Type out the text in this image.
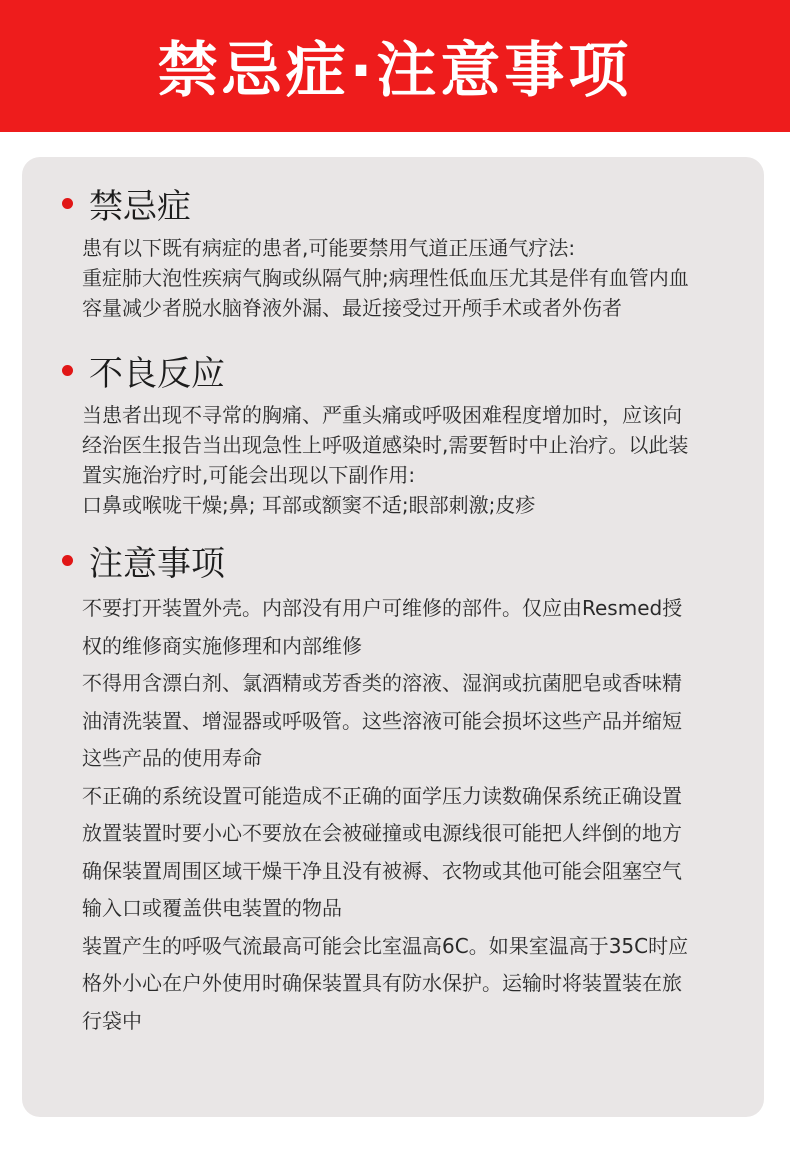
禁忌症·注意事项
禁忌症
患有以下既有病症的患者,可能要禁用气道正压通气疗法:
重症肺大泡性疾病气胸或纵隔气肿;病理性低血压尤其是伴有血管内血
容量减少者脱水脑脊液外漏、最近接受过开颅手术或者外伤者
不良反应
当患者出现不寻常的胸痛、严重头痛或呼吸困难程度增加时，应该向
经治医生报告当出现急性上呼吸道感染时,需要暂时中止治疗。以此装
置实施治疗时,可能会出现以下副作用:
口鼻或喉咙干燥;鼻; 耳部或额窦不适;眼部刺激;皮疹
注意事项
不要打开装置外壳。内部没有用户可维修的部件。仅应由Resmed授
权的维修商实施修理和内部维修
不得用含漂白剂、氯酒精或芳香类的溶液、湿润或抗菌肥皂或香味精
油清洗装置、增湿器或呼吸管。这些溶液可能会损坏这些产品并缩短
这些产品的使用寿命
不正确的系统设置可能造成不正确的面学压力读数确保系统正确设置
放置装置时要小心不要放在会被碰撞或电源线很可能把人绊倒的地方
确保装置周围区域干燥干净且没有被褥、衣物或其他可能会阻塞空气
输入口或覆盖供电装置的物品
装置产生的呼吸气流最高可能会比室温高6C。如果室温高于35C时应
格外小心在户外使用时确保装置具有防水保护。运输时将装置装在旅
行袋中
